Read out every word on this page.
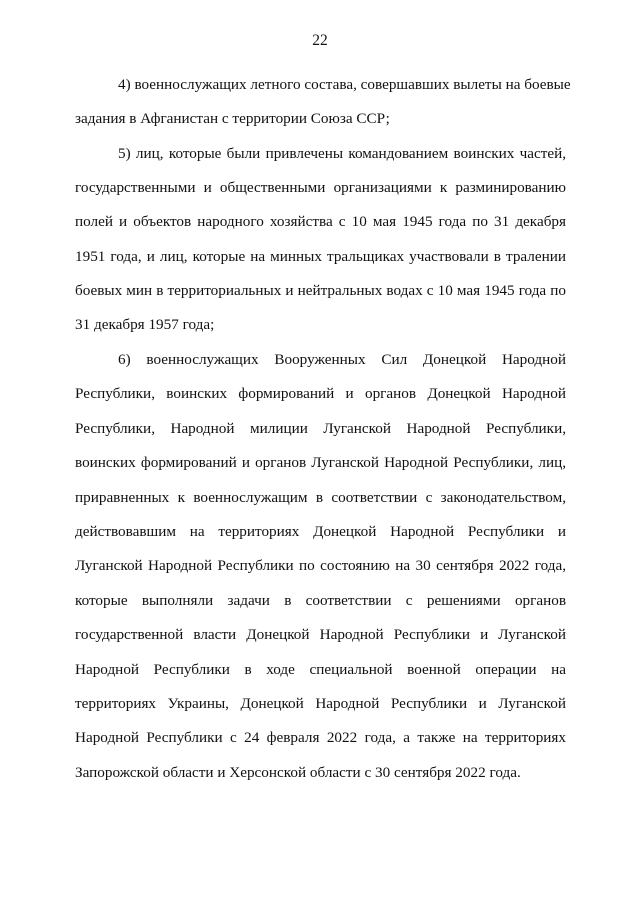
22
4) военнослужащих летного состава, совершавших вылеты на боевые
задания в Афганистан с территории Союза ССР;
5) лиц, которые были привлечены командованием воинских частей,
государственными и общественными организациями к разминированию
полей и объектов народного хозяйства с 10 мая 1945 года по 31 декабря
1951 года, и лиц, которые на минных тральщиках участвовали в тралении
боевых мин в территориальных и нейтральных водах с 10 мая 1945 года по
31 декабря 1957 года;
6) военнослужащих Вооруженных Сил Донецкой Народной
Республики, воинских формирований и органов Донецкой Народной
Республики, Народной милиции Луганской Народной Республики,
воинских формирований и органов Луганской Народной Республики, лиц,
приравненных к военнослужащим в соответствии с законодательством,
действовавшим на территориях Донецкой Народной Республики и
Луганской Народной Республики по состоянию на 30 сентября 2022 года,
которые выполняли задачи в соответствии с решениями органов
государственной власти Донецкой Народной Республики и Луганской
Народной Республики в ходе специальной военной операции на
территориях Украины, Донецкой Народной Республики и Луганской
Народной Республики с 24 февраля 2022 года, а также на территориях
Запорожской области и Херсонской области с 30 сентября 2022 года.
